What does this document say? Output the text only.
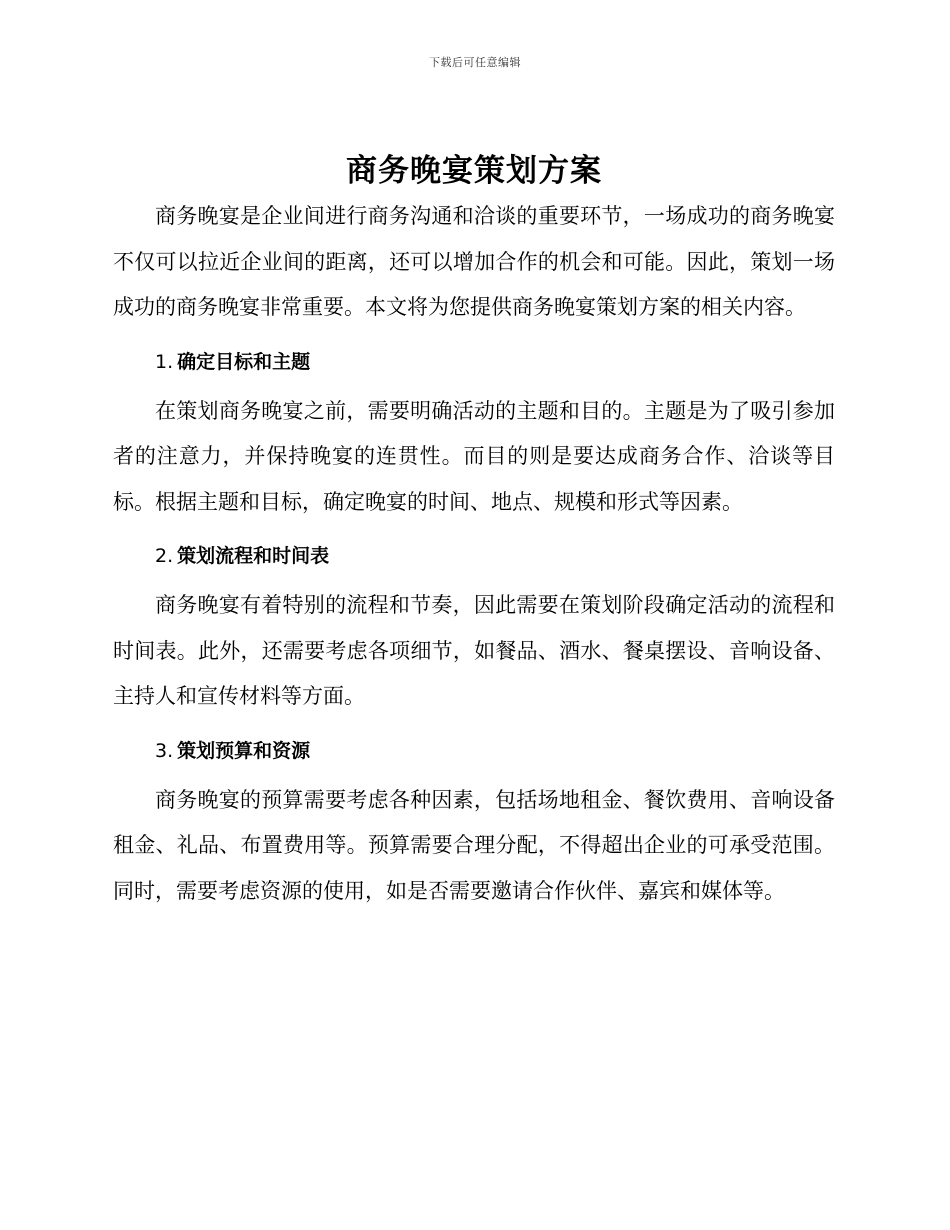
下载后可任意编辑
商务晚宴策划方案

商务晚宴是企业间进行商务沟通和洽谈的重要环节，一场成功的商务晚宴不仅可以拉近企业间的距离，还可以增加合作的机会和可能。因此，策划一场成功的商务晚宴非常重要。本文将为您提供商务晚宴策划方案的相关内容。

1. 确定目标和主题

在策划商务晚宴之前，需要明确活动的主题和目的。主题是为了吸引参加者的注意力，并保持晚宴的连贯性。而目的则是要达成商务合作、洽谈等目标。根据主题和目标，确定晚宴的时间、地点、规模和形式等因素。

2. 策划流程和时间表

商务晚宴有着特别的流程和节奏，因此需要在策划阶段确定活动的流程和时间表。此外，还需要考虑各项细节，如餐品、酒水、餐桌摆设、音响设备、主持人和宣传材料等方面。

3. 策划预算和资源

商务晚宴的预算需要考虑各种因素，包括场地租金、餐饮费用、音响设备租金、礼品、布置费用等。预算需要合理分配，不得超出企业的可承受范围。同时，需要考虑资源的使用，如是否需要邀请合作伙伴、嘉宾和媒体等。
